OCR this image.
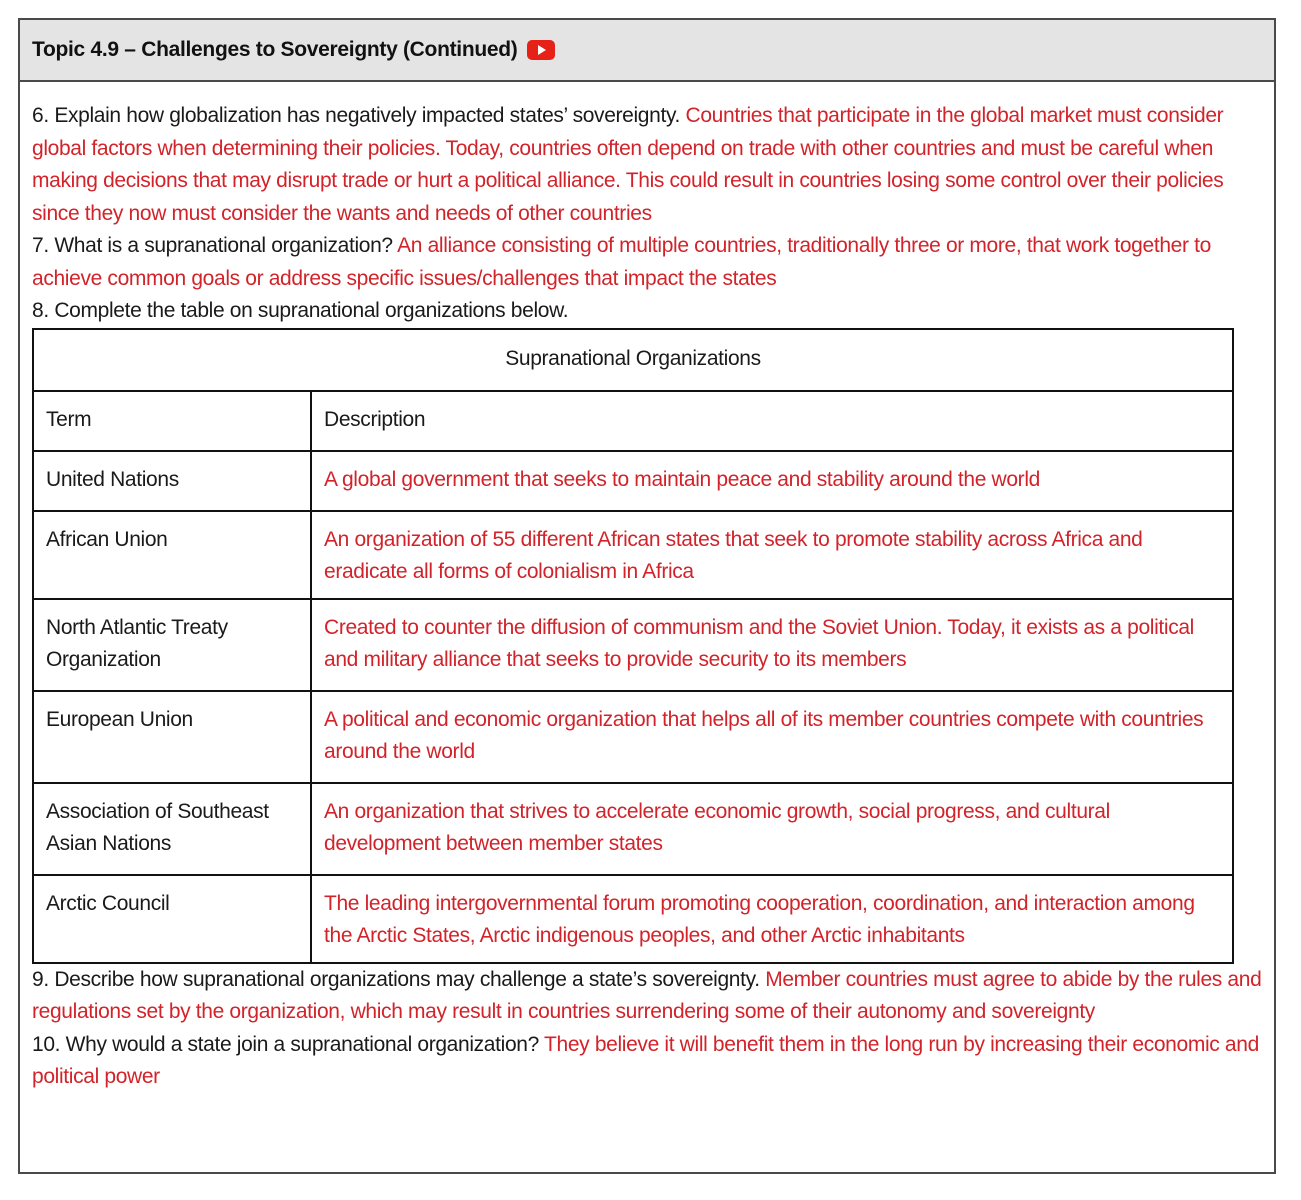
Topic 4.9 – Challenges to Sovereignty (Continued)

6. Explain how globalization has negatively impacted states’ sovereignty. Countries that participate in the global market must consider global factors when determining their policies. Today, countries often depend on trade with other countries and must be careful when making decisions that may disrupt trade or hurt a political alliance. This could result in countries losing some control over their policies since they now must consider the wants and needs of other countries

7. What is a supranational organization? An alliance consisting of multiple countries, traditionally three or more, that work together to achieve common goals or address specific issues/challenges that impact the states

8. Complete the table on supranational organizations below.

Supranational Organizations	
Term	Description
United Nations	A global government that seeks to maintain peace and stability around the world
African Union	An organization of 55 different African states that seek to promote stability across Africa and eradicate all forms of colonialism in Africa
North Atlantic Treaty Organization	Created to counter the diffusion of communism and the Soviet Union. Today, it exists as a political and military alliance that seeks to provide security to its members
European Union	A political and economic organization that helps all of its member countries compete with countries around the world
Association of Southeast Asian Nations	An organization that strives to accelerate economic growth, social progress, and cultural development between member states
Arctic Council	The leading intergovernmental forum promoting cooperation, coordination, and interaction among the Arctic States, Arctic indigenous peoples, and other Arctic inhabitants

9. Describe how supranational organizations may challenge a state’s sovereignty. Member countries must agree to abide by the rules and regulations set by the organization, which may result in countries surrendering some of their autonomy and sovereignty

10. Why would a state join a supranational organization? They believe it will benefit them in the long run by increasing their economic and political power
